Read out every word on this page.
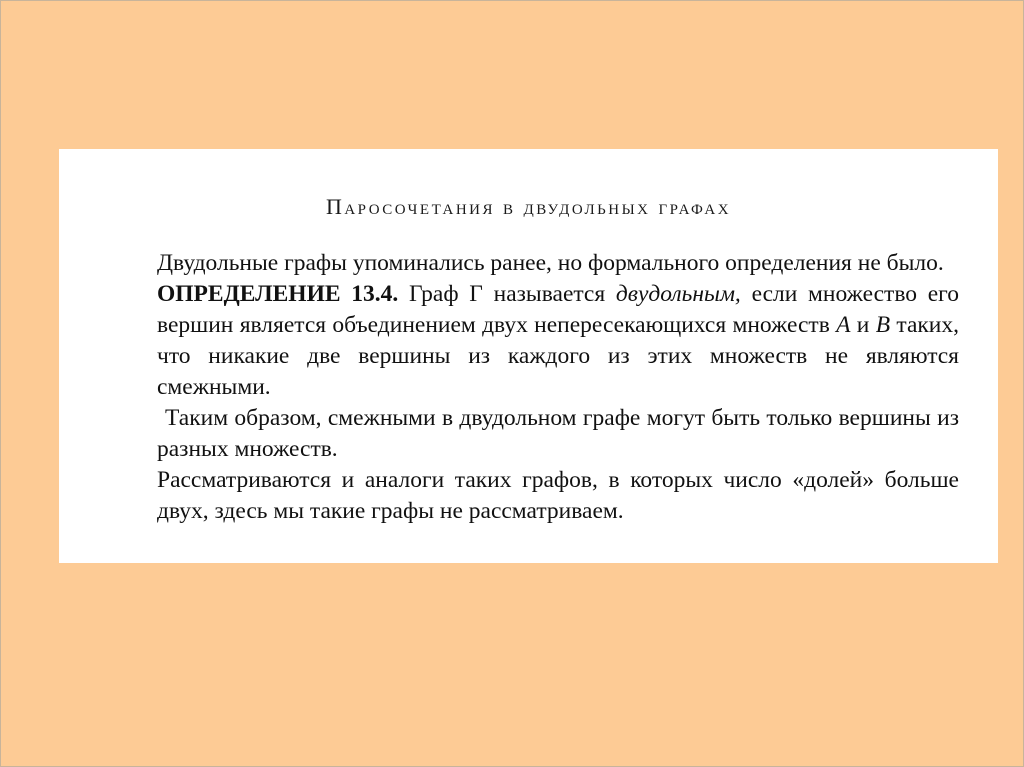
Паросочетания в двудольных графах

Двудольные графы упоминались ранее, но формального определения не было.

ОПРЕДЕЛЕНИЕ 13.4. Граф Г называется двудольным, если множество его вершин является объединением двух непересекающихся множеств A и B таких, что никакие две вершины из каждого из этих множеств не являются смежными.

Таким образом, смежными в двудольном графе могут быть только вершины из разных множеств.

Рассматриваются и аналоги таких графов, в которых число «долей» больше двух, здесь мы такие графы не рассматриваем.
